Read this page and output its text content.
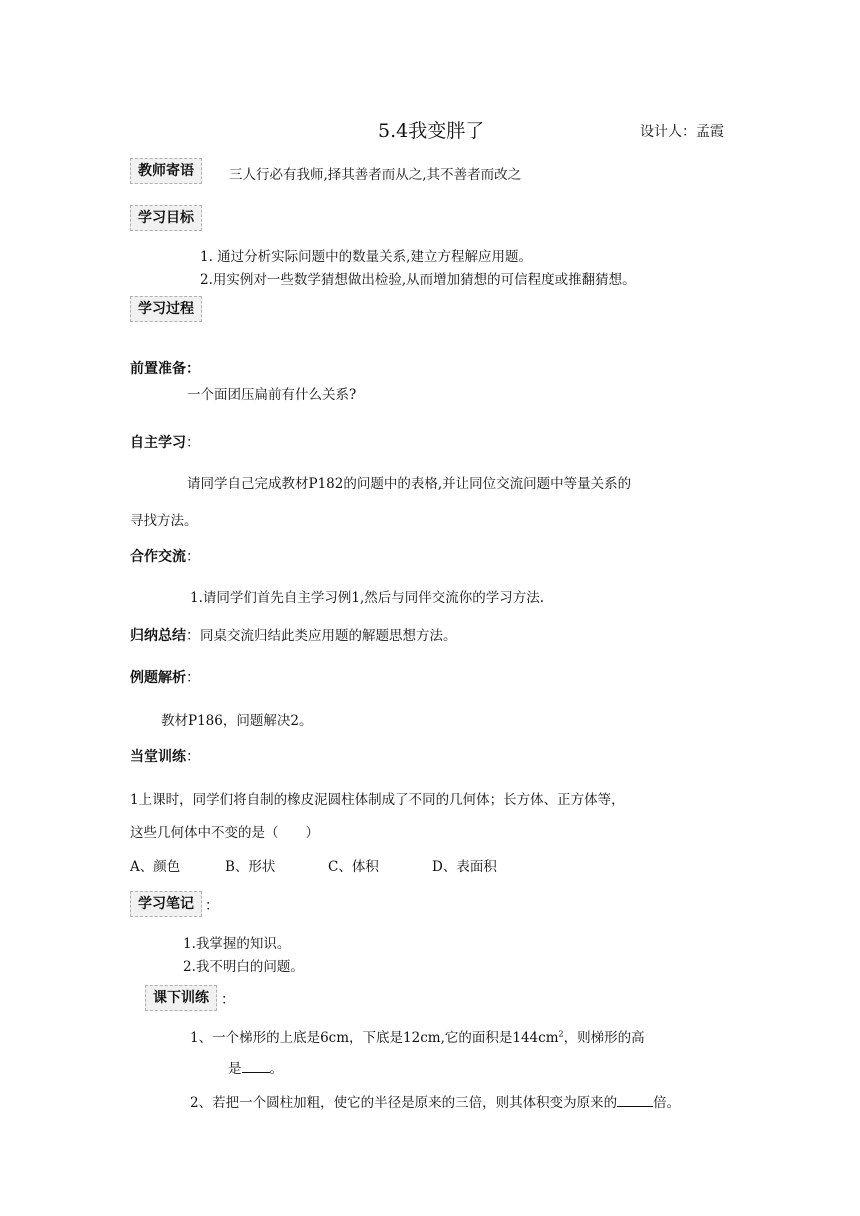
5.4我变胖了	设计人：孟霞
教师寄语	三人行必有我师,择其善者而从之,其不善者而改之
学习目标
1. 通过分析实际问题中的数量关系,建立方程解应用题。
2.用实例对一些数学猜想做出检验,从而增加猜想的可信程度或推翻猜想。
学习过程
前置准备：
一个面团压扁前有什么关系?
自主学习：
请同学自己完成教材P182的问题中的表格,并让同位交流问题中等量关系的
寻找方法。
合作交流：
1.请同学们首先自主学习例1,然后与同伴交流你的学习方法.
归纳总结：同桌交流归结此类应用题的解题思想方法。
例题解析：
教材P186，问题解决2。
当堂训练：
1上课时，同学们将自制的橡皮泥圆柱体制成了不同的几何体；长方体、正方体等，
这些几何体中不变的是（　　）
A、颜色	B、形状	C、体积	D、表面积
学习笔记 ：
1.我掌握的知识。
2.我不明白的问题。
课下训练 ：
1、一个梯形的上底是6cm，下底是12cm,它的面积是$144cm^2$，则梯形的高
是 。
2、若把一个圆柱加粗，使它的半径是原来的三倍，则其体积变为原来的	倍。
